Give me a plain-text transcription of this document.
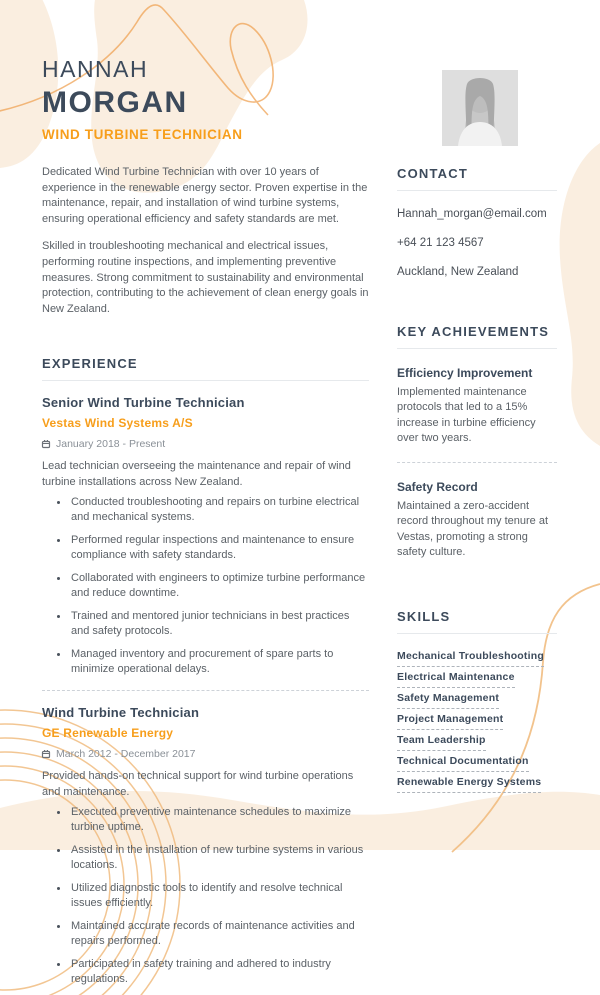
HANNAH
MORGAN
WIND TURBINE TECHNICIAN

Dedicated Wind Turbine Technician with over 10 years of experience in the renewable energy sector. Proven expertise in the maintenance, repair, and installation of wind turbine systems, ensuring operational efficiency and safety standards are met.

Skilled in troubleshooting mechanical and electrical issues, performing routine inspections, and implementing preventive measures. Strong commitment to sustainability and environmental protection, contributing to the achievement of clean energy goals in New Zealand.

EXPERIENCE
Senior Wind Turbine Technician
Vestas Wind Systems A/S
January 2018 - Present

Lead technician overseeing the maintenance and repair of wind turbine installations across New Zealand.

• Conducted troubleshooting and repairs on turbine electrical and mechanical systems.
• Performed regular inspections and maintenance to ensure compliance with safety standards.
• Collaborated with engineers to optimize turbine performance and reduce downtime.
• Trained and mentored junior technicians in best practices and safety protocols.
• Managed inventory and procurement of spare parts to minimize operational delays.
Wind Turbine Technician
GE Renewable Energy
March 2012 - December 2017

Provided hands-on technical support for wind turbine operations and maintenance.

• Executed preventive maintenance schedules to maximize turbine uptime.
• Assisted in the installation of new turbine systems in various locations.
• Utilized diagnostic tools to identify and resolve technical issues efficiently.
• Maintained accurate records of maintenance activities and repairs performed.
• Participated in safety training and adhered to industry regulations.
CONTACT
Hannah_morgan@email.com
+64 21 123 4567
Auckland, New Zealand
KEY ACHIEVEMENTS
Efficiency Improvement

Implemented maintenance protocols that led to a 15% increase in turbine efficiency over two years.

Safety Record

Maintained a zero-accident record throughout my tenure at Vestas, promoting a strong safety culture.

SKILLS
Mechanical Troubleshooting
Electrical Maintenance
Safety Management
Project Management
Team Leadership
Technical Documentation
Renewable Energy Systems
